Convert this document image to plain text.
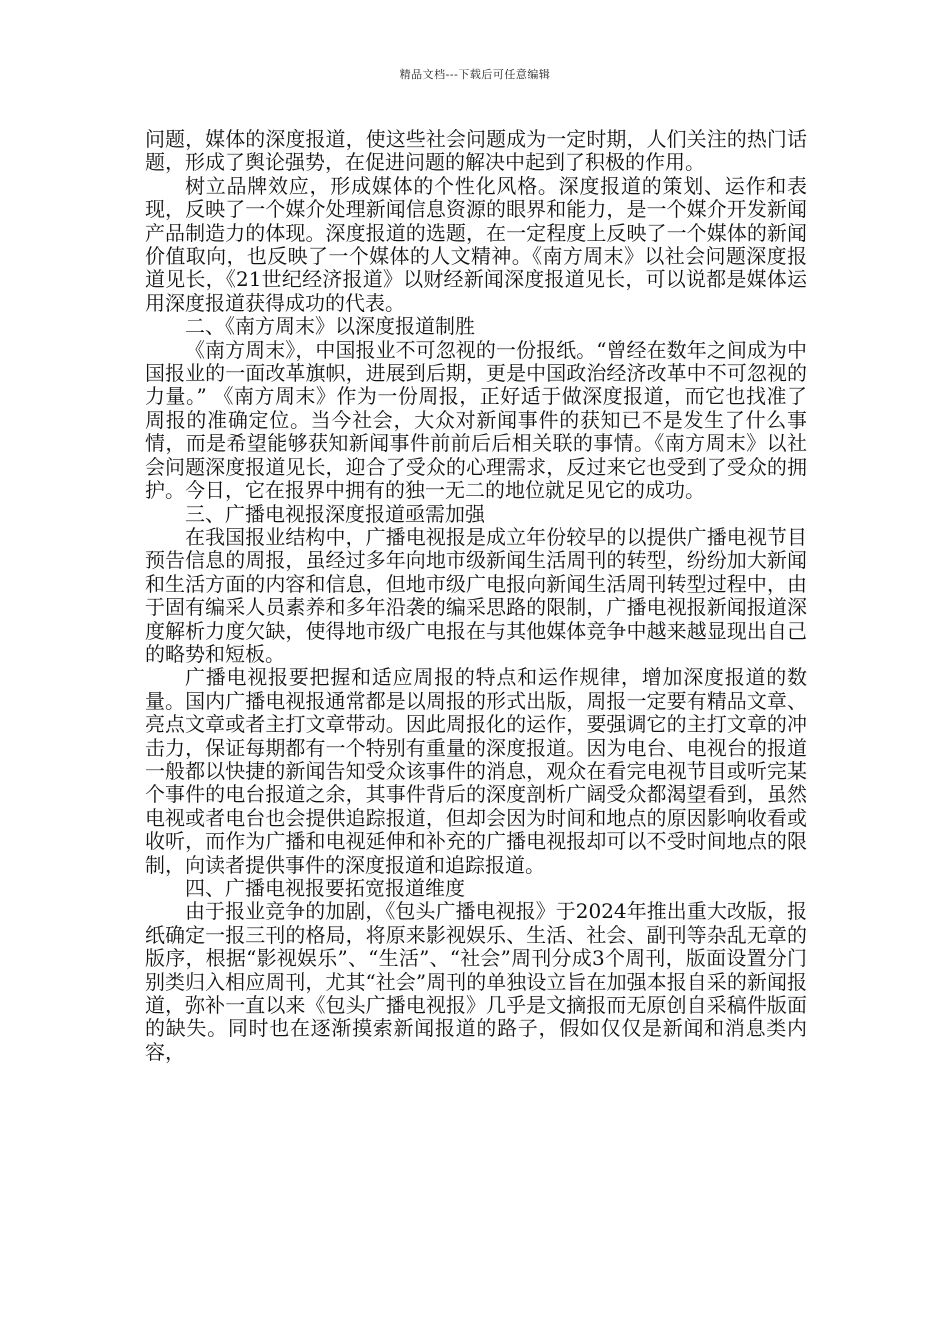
精品文档---下载后可任意编辑

问题，媒体的深度报道，使这些社会问题成为一定时期，人们关注的热门话题，形成了舆论强势，在促进问题的解决中起到了积极的作用。

树立品牌效应，形成媒体的个性化风格。深度报道的策划、运作和表现，反映了一个媒介处理新闻信息资源的眼界和能力，是一个媒介开发新闻产品制造力的体现。深度报道的选题，在一定程度上反映了一个媒体的新闻价值取向，也反映了一个媒体的人文精神。《南方周末》以社会问题深度报道见长，《21世纪经济报道》以财经新闻深度报道见长，可以说都是媒体运用深度报道获得成功的代表。

二、《南方周末》以深度报道制胜

《南方周末》，中国报业不可忽视的一份报纸。“曾经在数年之间成为中国报业的一面改革旗帜，进展到后期，更是中国政治经济改革中不可忽视的力量。” 《南方周末》作为一份周报，正好适于做深度报道，而它也找准了周报的准确定位。当今社会，大众对新闻事件的获知已不是发生了什么事情，而是希望能够获知新闻事件前前后后相关联的事情。《南方周末》以社会问题深度报道见长，迎合了受众的心理需求，反过来它也受到了受众的拥护。今日，它在报界中拥有的独一无二的地位就足见它的成功。

三、广播电视报深度报道亟需加强

在我国报业结构中，广播电视报是成立年份较早的以提供广播电视节目预告信息的周报，虽经过多年向地市级新闻生活周刊的转型，纷纷加大新闻和生活方面的内容和信息，但地市级广电报向新闻生活周刊转型过程中，由于固有编采人员素养和多年沿袭的编采思路的限制，广播电视报新闻报道深度解析力度欠缺，使得地市级广电报在与其他媒体竞争中越来越显现出自己的略势和短板。

广播电视报要把握和适应周报的特点和运作规律，增加深度报道的数量。国内广播电视报通常都是以周报的形式出版，周报一定要有精品文章、亮点文章或者主打文章带动。因此周报化的运作，要强调它的主打文章的冲击力，保证每期都有一个特别有重量的深度报道。因为电台、电视台的报道一般都以快捷的新闻告知受众该事件的消息，观众在看完电视节目或听完某个事件的电台报道之余，其事件背后的深度剖析广阔受众都渴望看到，虽然电视或者电台也会提供追踪报道，但却会因为时间和地点的原因影响收看或收听，而作为广播和电视延伸和补充的广播电视报却可以不受时间地点的限制，向读者提供事件的深度报道和追踪报道。

四、广播电视报要拓宽报道维度

由于报业竞争的加剧，《包头广播电视报》于2024年推出重大改版，报纸确定一报三刊的格局，将原来影视娱乐、生活、社会、副刊等杂乱无章的版序，根据“影视娱乐”、“生活”、“社会”周刊分成3个周刊，版面设置分门别类归入相应周刊，尤其“社会”周刊的单独设立旨在加强本报自采的新闻报道，弥补一直以来《包头广播电视报》几乎是文摘报而无原创自采稿件版面的缺失。同时也在逐渐摸索新闻报道的路子，假如仅仅是新闻和消息类内容，
